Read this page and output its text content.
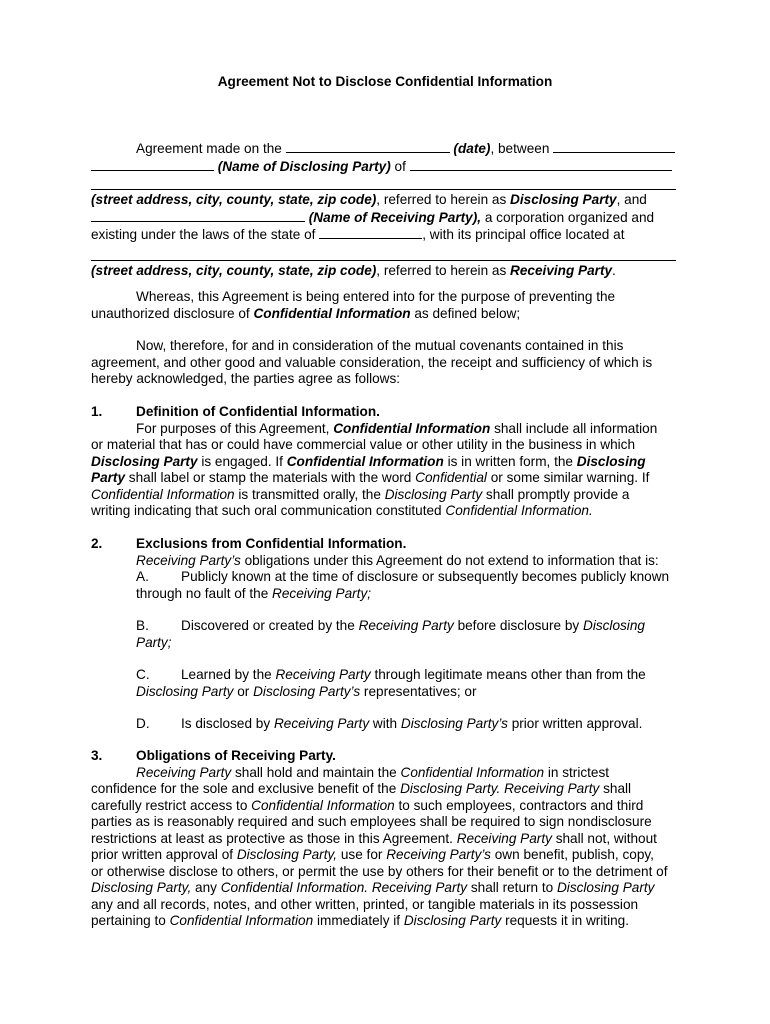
Agreement Not to Disclose Confidential Information
Agreement made on the	(date), between
(Name of Disclosing Party) of
(street address, city, county, state, zip code), referred to herein as Disclosing Party, and
(Name of Receiving Party), a corporation organized and
existing under the laws of the state of	, with its principal office located at
(street address, city, county, state, zip code), referred to herein as Receiving Party.
Whereas, this Agreement is being entered into for the purpose of preventing the
unauthorized disclosure of Confidential Information as defined below;
Now, therefore, for and in consideration of the mutual covenants contained in this
agreement, and other good and valuable consideration, the receipt and sufficiency of which is
hereby acknowledged, the parties agree as follows:
1. Definition of Confidential Information.
For purposes of this Agreement, Confidential Information shall include all information
or material that has or could have commercial value or other utility in the business in which
Disclosing Party is engaged. If Confidential Information is in written form, the Disclosing
Party shall label or stamp the materials with the word Confidential or some similar warning. If
Confidential Information is transmitted orally, the Disclosing Party shall promptly provide a
writing indicating that such oral communication constituted Confidential Information.
2. Exclusions from Confidential Information.
Receiving Party’s obligations under this Agreement do not extend to information that is:
A. Publicly known at the time of disclosure or subsequently becomes publicly known
through no fault of the Receiving Party;
B. Discovered or created by the Receiving Party before disclosure by Disclosing
Party;
C. Learned by the Receiving Party through legitimate means other than from the
Disclosing Party or Disclosing Party’s representatives; or
D. Is disclosed by Receiving Party with Disclosing Party’s prior written approval.
3. Obligations of Receiving Party.
Receiving Party shall hold and maintain the Confidential Information in strictest
confidence for the sole and exclusive benefit of the Disclosing Party. Receiving Party shall
carefully restrict access to Confidential Information to such employees, contractors and third
parties as is reasonably required and such employees shall be required to sign nondisclosure
restrictions at least as protective as those in this Agreement. Receiving Party shall not, without
prior written approval of Disclosing Party, use for Receiving Party’s own benefit, publish, copy,
or otherwise disclose to others, or permit the use by others for their benefit or to the detriment of
Disclosing Party, any Confidential Information. Receiving Party shall return to Disclosing Party
any and all records, notes, and other written, printed, or tangible materials in its possession
pertaining to Confidential Information immediately if Disclosing Party requests it in writing.
